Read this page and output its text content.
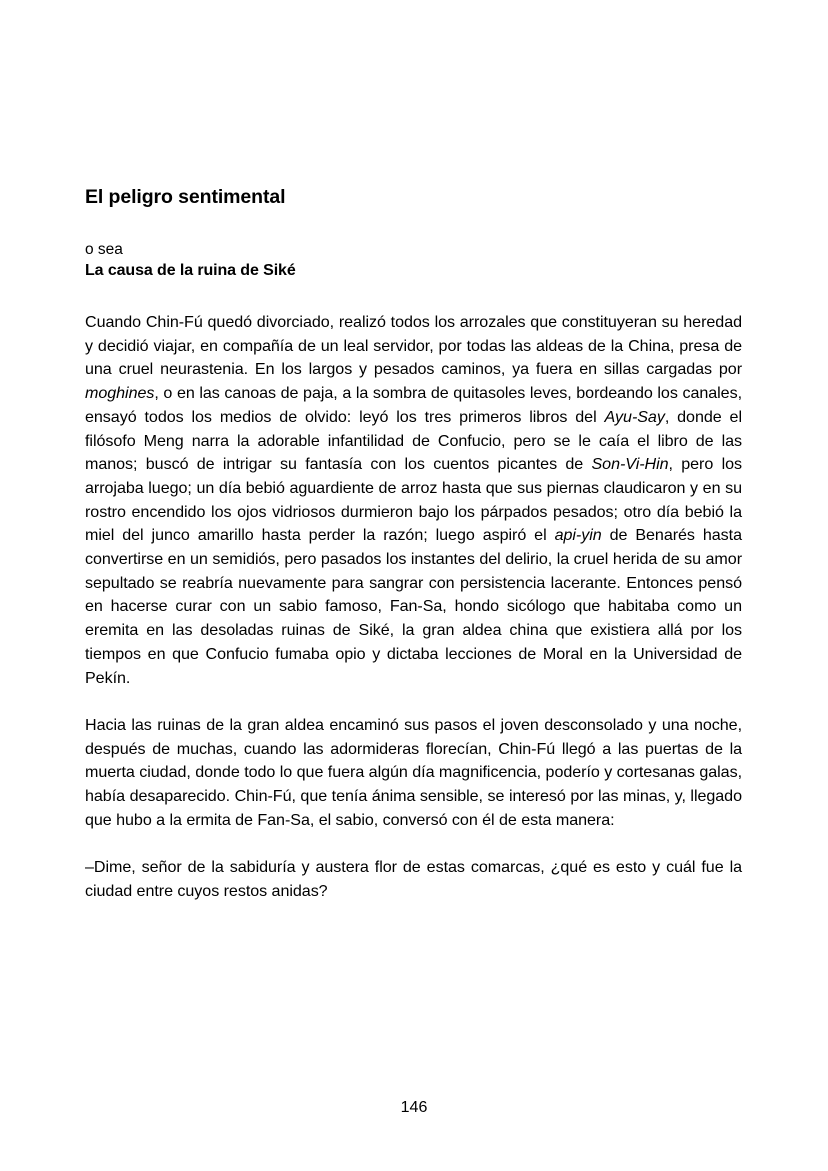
El peligro sentimental

o sea

La causa de la ruina de Siké

Cuando Chin-Fú quedó divorciado, realizó todos los arrozales que constituyeran su heredad y decidió viajar, en compañía de un leal servidor, por todas las aldeas de la China, presa de una cruel neurastenia. En los largos y pesados caminos, ya fuera en sillas cargadas por moghines, o en las canoas de paja, a la sombra de quitasoles leves, bordeando los canales, ensayó todos los medios de olvido: leyó los tres primeros libros del Ayu-Say, donde el filósofo Meng narra la adorable infantilidad de Confucio, pero se le caía el libro de las manos; buscó de intrigar su fantasía con los cuentos picantes de Son-Vi-Hin, pero los arrojaba luego; un día bebió aguardiente de arroz hasta que sus piernas claudicaron y en su rostro encendido los ojos vidriosos durmieron bajo los párpados pesados; otro día bebió la miel del junco amarillo hasta perder la razón; luego aspiró el api-yin de Benarés hasta convertirse en un semidiós, pero pasados los instantes del delirio, la cruel herida de su amor sepultado se reabría nuevamente para sangrar con persistencia lacerante. Entonces pensó en hacerse curar con un sabio famoso, Fan-Sa, hondo sicólogo que habitaba como un eremita en las desoladas ruinas de Siké, la gran aldea china que existiera allá por los tiempos en que Confucio fumaba opio y dictaba lecciones de Moral en la Universidad de Pekín.

Hacia las ruinas de la gran aldea encaminó sus pasos el joven desconsolado y una noche, después de muchas, cuando las adormideras florecían, Chin-Fú llegó a las puertas de la muerta ciudad, donde todo lo que fuera algún día magnificencia, poderío y cortesanas galas, había desaparecido. Chin-Fú, que tenía ánima sensible, se interesó por las minas, y, llegado que hubo a la ermita de Fan-Sa, el sabio, conversó con él de esta manera:

–Dime, señor de la sabiduría y austera flor de estas comarcas, ¿qué es esto y cuál fue la ciudad entre cuyos restos anidas?

146
